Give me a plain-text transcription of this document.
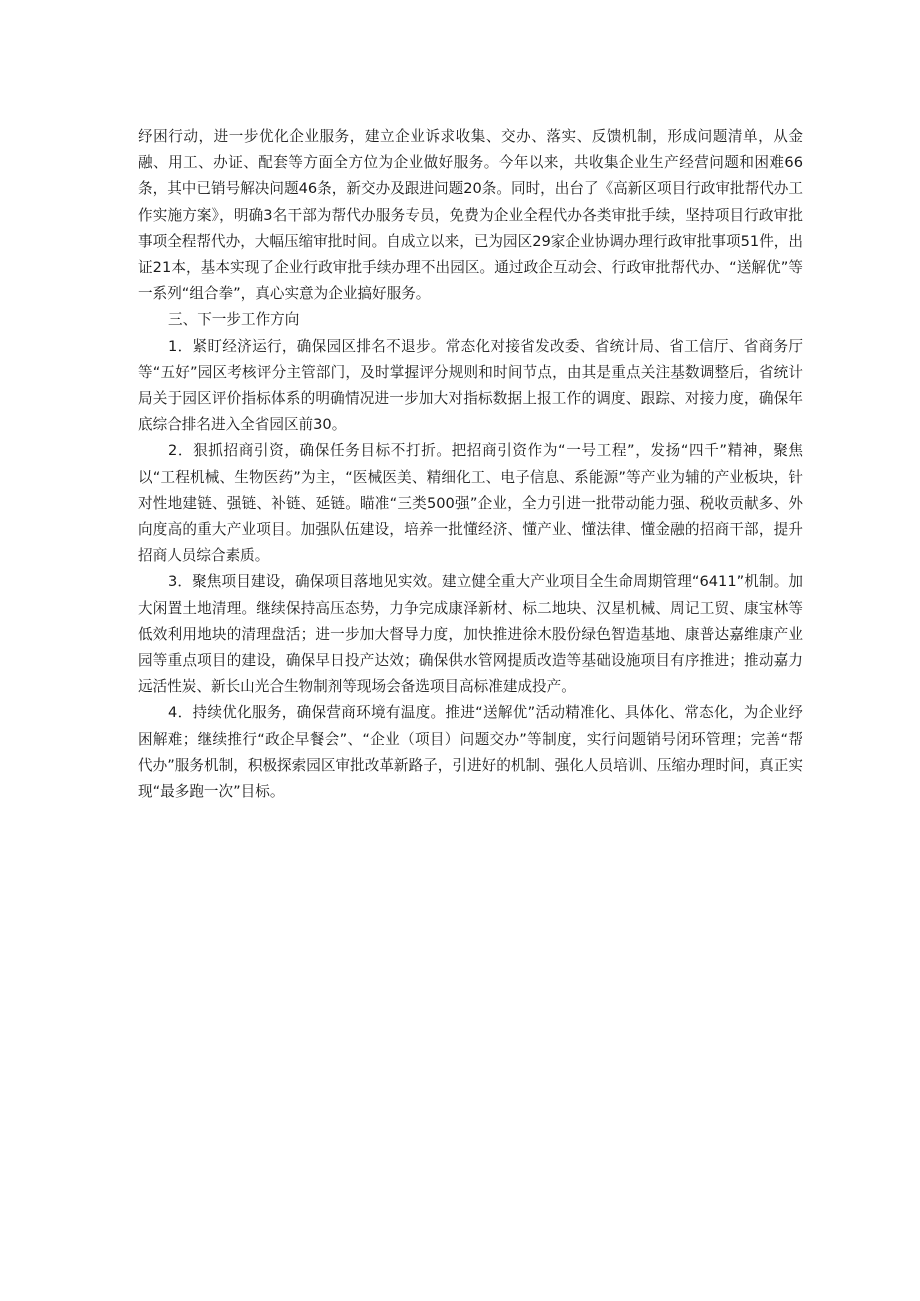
纾困行动，进一步优化企业服务，建立企业诉求收集、交办、落实、反馈机制，形成问题清单，从金融、用工、办证、配套等方面全方位为企业做好服务。今年以来，共收集企业生产经营问题和困难66条，其中已销号解决问题46条，新交办及跟进问题20条。同时，出台了《高新区项目行政审批帮代办工作实施方案》，明确3名干部为帮代办服务专员，免费为企业全程代办各类审批手续，坚持项目行政审批事项全程帮代办，大幅压缩审批时间。自成立以来，已为园区29家企业协调办理行政审批事项51件，出证21本，基本实现了企业行政审批手续办理不出园区。通过政企互动会、行政审批帮代办、“送解优”等一系列“组合拳”，真心实意为企业搞好服务。

三、下一步工作方向

1．紧盯经济运行，确保园区排名不退步。常态化对接省发改委、省统计局、省工信厅、省商务厅等“五好”园区考核评分主管部门，及时掌握评分规则和时间节点，由其是重点关注基数调整后，省统计局关于园区评价指标体系的明确情况进一步加大对指标数据上报工作的调度、跟踪、对接力度，确保年底综合排名进入全省园区前30。

2．狠抓招商引资，确保任务目标不打折。把招商引资作为“一号工程”，发扬“四千”精神，聚焦以“工程机械、生物医药”为主，“医械医美、精细化工、电子信息、系能源”等产业为辅的产业板块，针对性地建链、强链、补链、延链。瞄准“三类500强”企业，全力引进一批带动能力强、税收贡献多、外向度高的重大产业项目。加强队伍建设，培养一批懂经济、懂产业、懂法律、懂金融的招商干部，提升招商人员综合素质。

3．聚焦项目建设，确保项目落地见实效。建立健全重大产业项目全生命周期管理“6411”机制。加大闲置土地清理。继续保持高压态势，力争完成康泽新材、标二地块、汉星机械、周记工贸、康宝林等低效利用地块的清理盘活；进一步加大督导力度，加快推进徐木股份绿色智造基地、康普达嘉维康产业园等重点项目的建设，确保早日投产达效；确保供水管网提质改造等基础设施项目有序推进；推动嘉力远活性炭、新长山光合生物制剂等现场会备选项目高标准建成投产。

4．持续优化服务，确保营商环境有温度。推进“送解优”活动精准化、具体化、常态化，为企业纾困解难；继续推行“政企早餐会”、“企业（项目）问题交办”等制度，实行问题销号闭环管理；完善“帮代办”服务机制，积极探索园区审批改革新路子，引进好的机制、强化人员培训、压缩办理时间，真正实现“最多跑一次”目标。
